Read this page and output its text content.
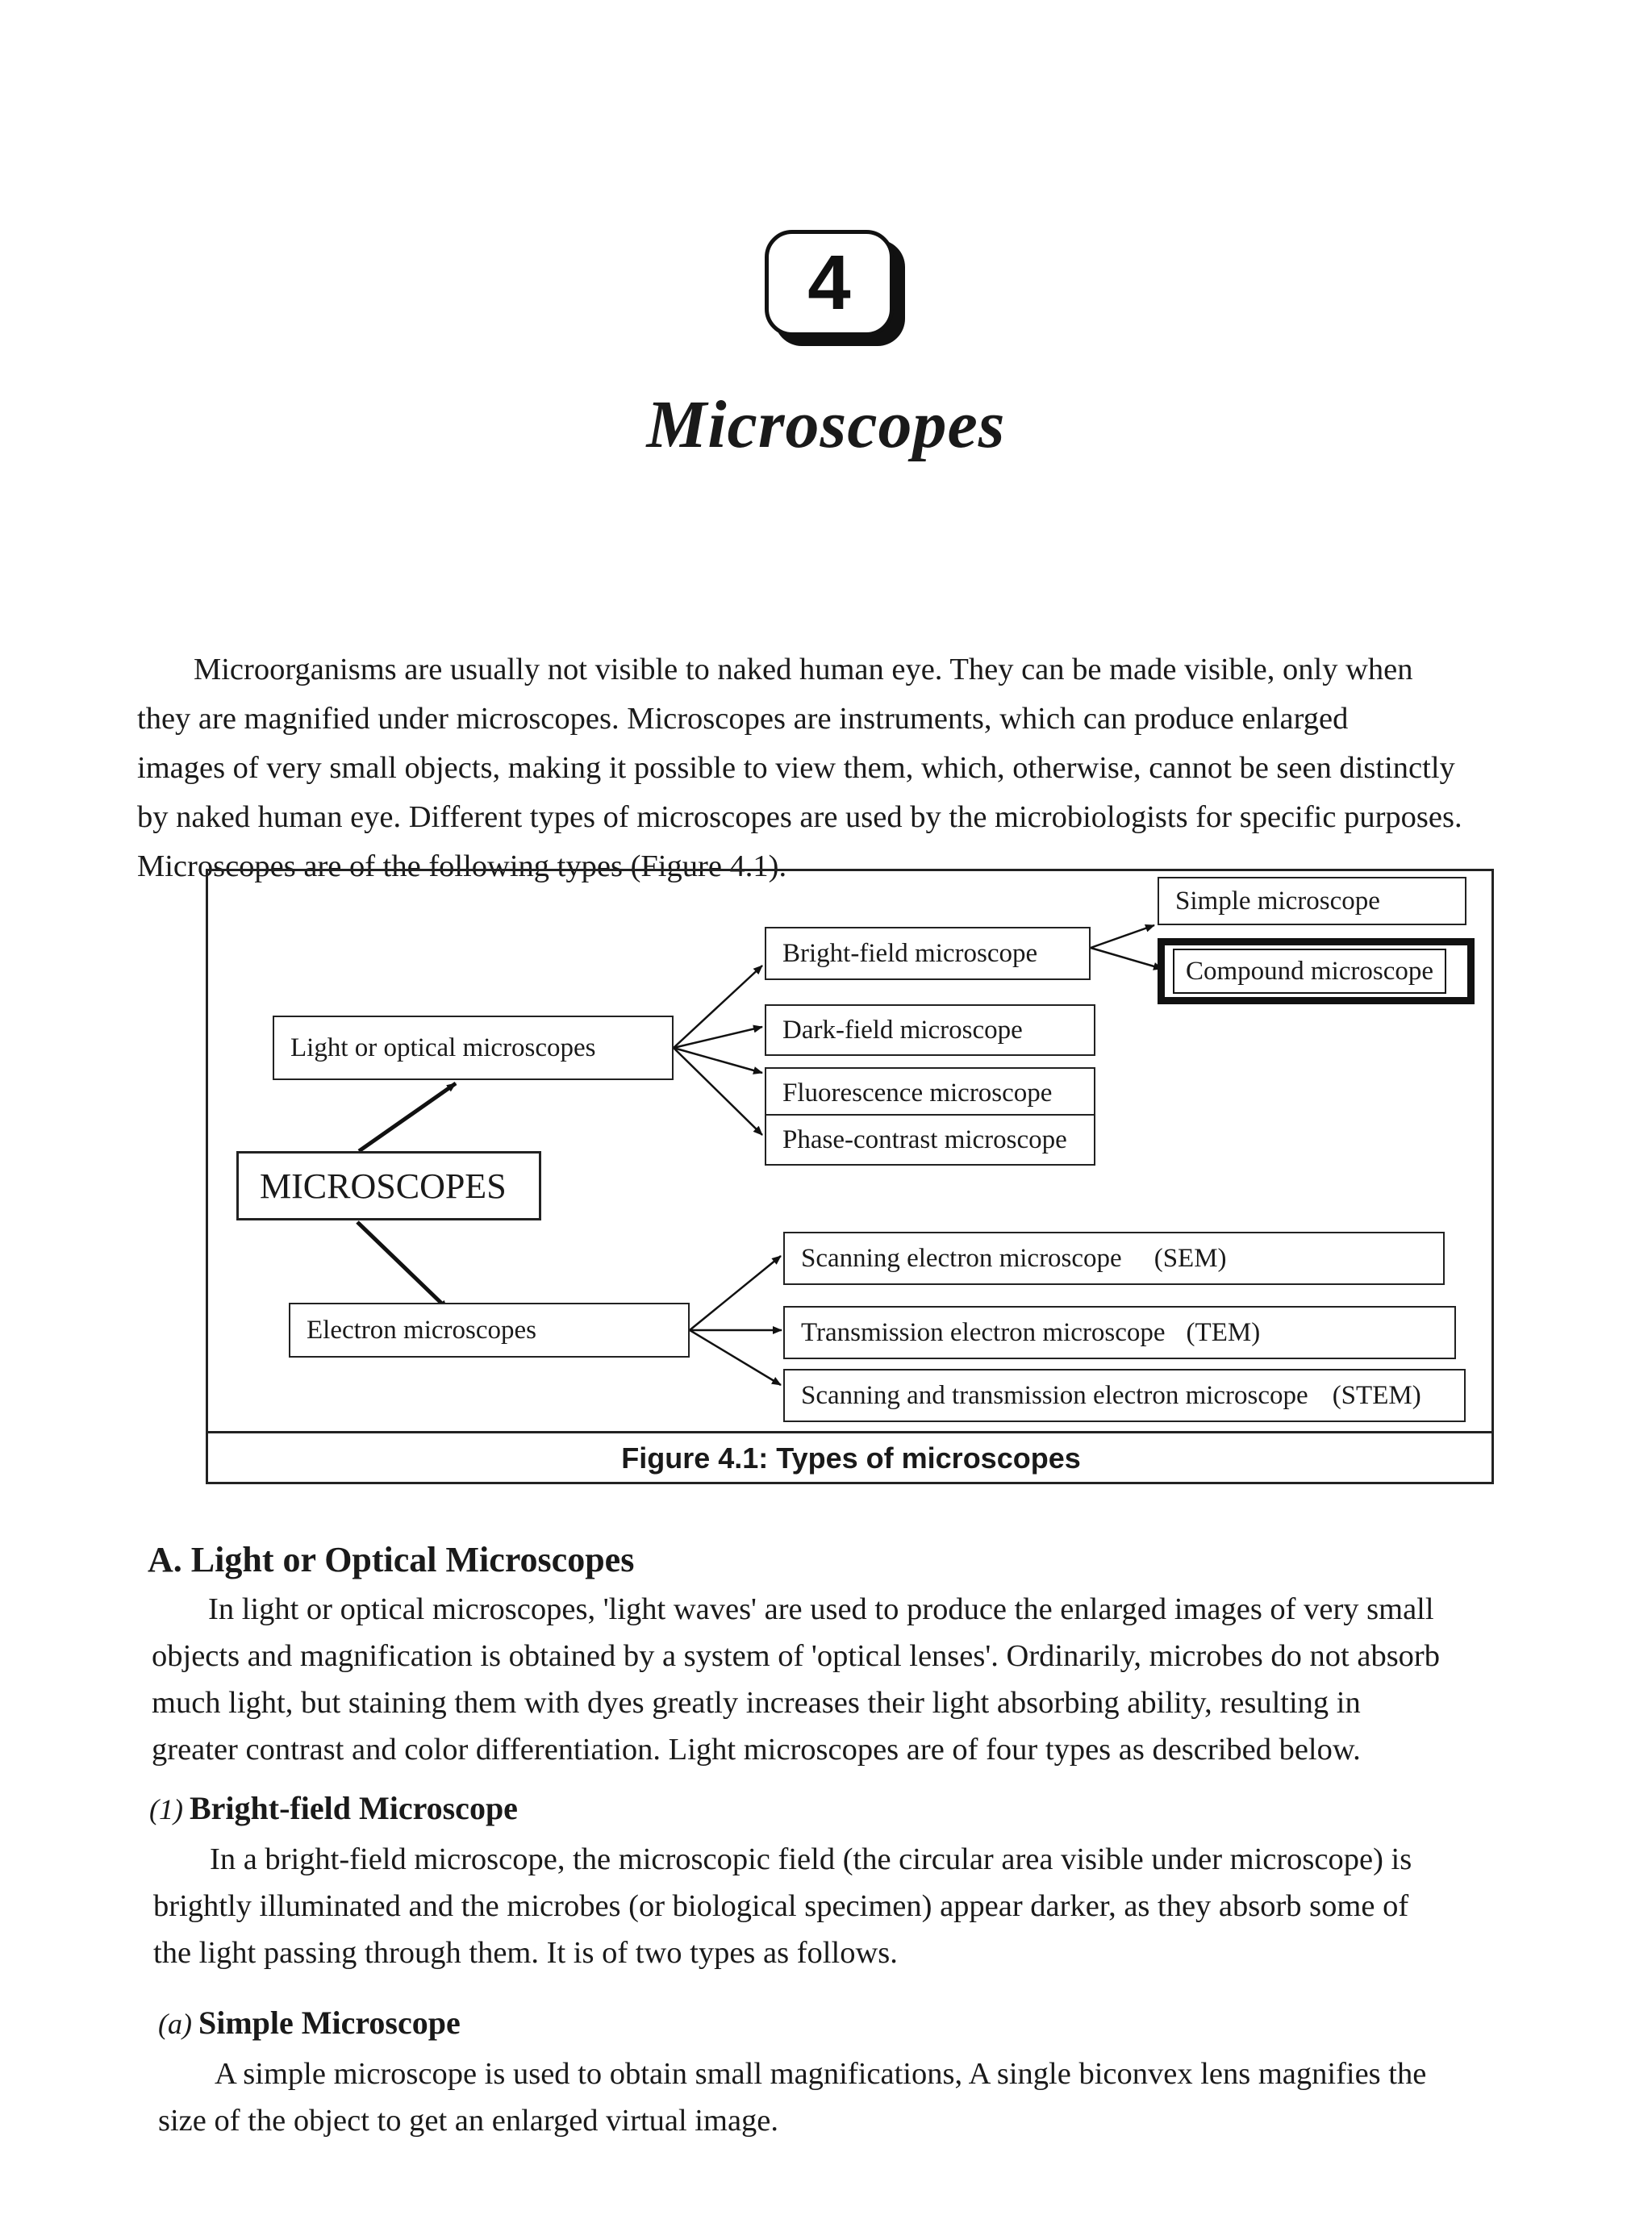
4
Microscopes
Microorganisms are usually not visible to naked human eye. They can be made visible, only when
they are magnified under microscopes. Microscopes are instruments, which can produce enlarged
images of very small objects, making it possible to view them, which, otherwise, cannot be seen distinctly
by naked human eye. Different types of microscopes are used by the microbiologists for specific purposes.
Microscopes are of the following types (Figure 4.1).
Light or optical microscopes
MICROSCOPES
Electron microscopes
Bright-field microscope
Dark-field microscope
Fluorescence microscope
Phase-contrast microscope
Simple microscope
Compound microscope
Scanning electron microscope (SEM)
Transmission electron microscope (TEM)
Scanning and transmission electron microscope (STEM)
Figure 4.1: Types of microscopes
A. Light or Optical Microscopes
In light or optical microscopes, 'light waves' are used to produce the enlarged images of very small
objects and magnification is obtained by a system of 'optical lenses'. Ordinarily, microbes do not absorb
much light, but staining them with dyes greatly increases their light absorbing ability, resulting in
greater contrast and color differentiation. Light microscopes are of four types as described below.
(1) Bright-field Microscope
In a bright-field microscope, the microscopic field (the circular area visible under microscope) is
brightly illuminated and the microbes (or biological specimen) appear darker, as they absorb some of
the light passing through them. It is of two types as follows.
(a) Simple Microscope
A simple microscope is used to obtain small magnifications, A single biconvex lens magnifies the
size of the object to get an enlarged virtual image.
